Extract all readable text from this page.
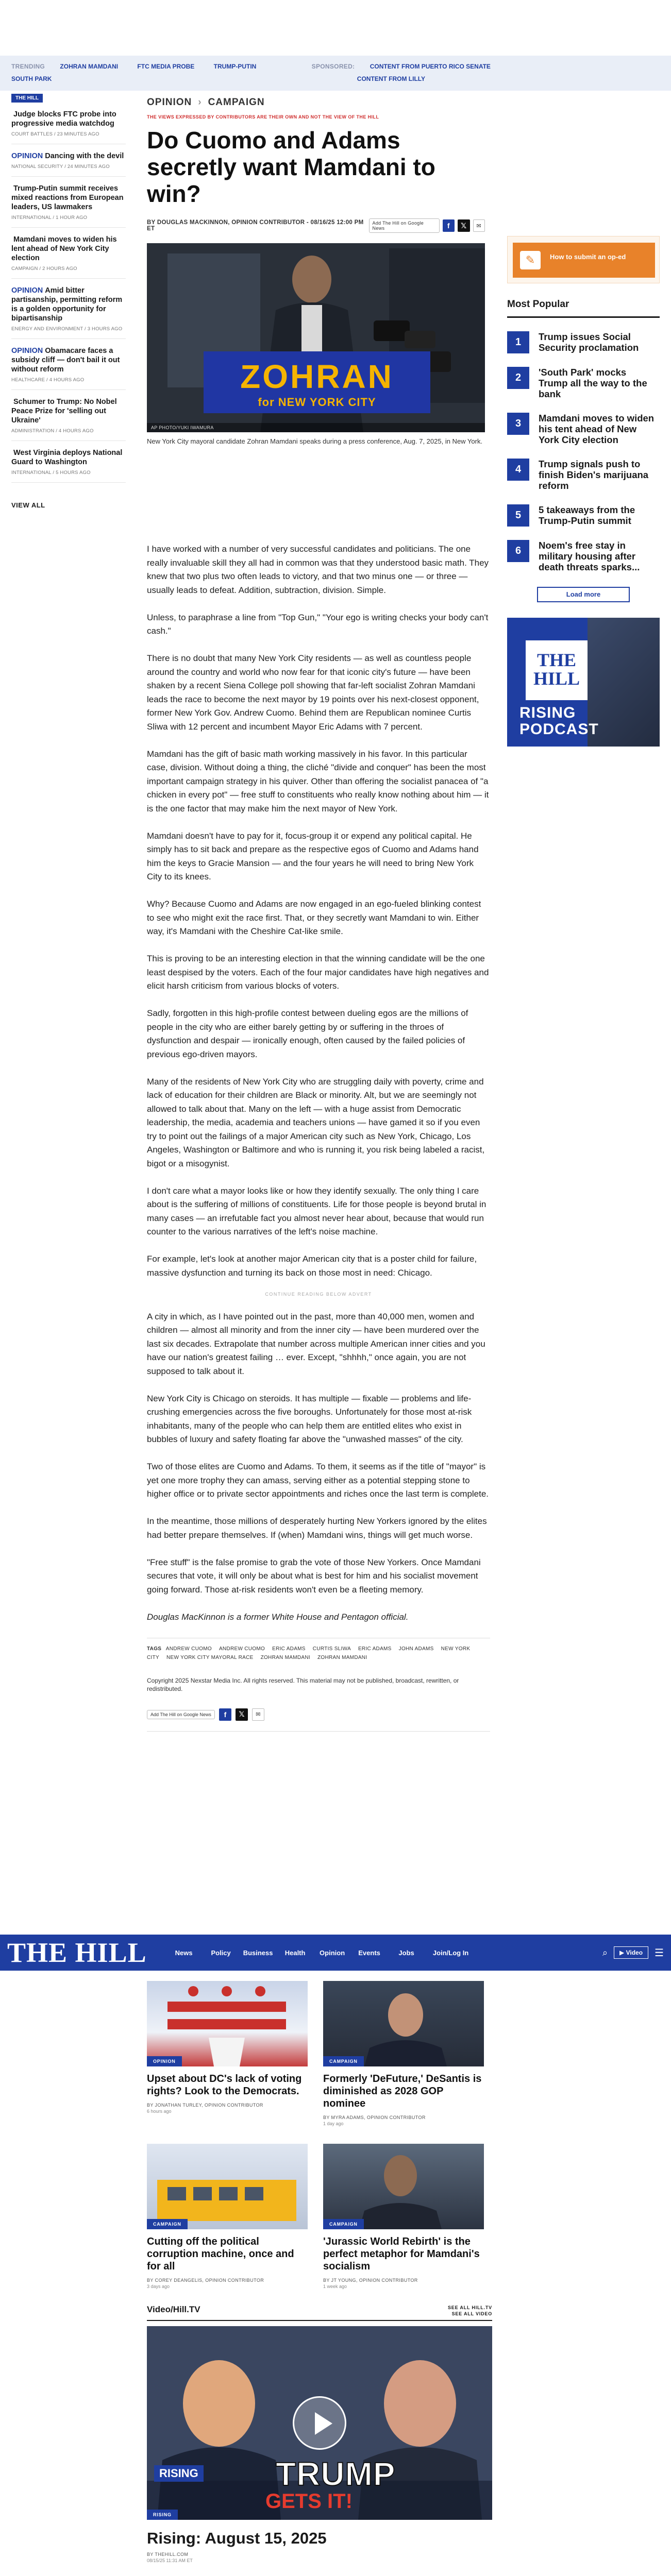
TRENDING ZOHRAN MAMDANI	FTC MEDIA PROBE	TRUMP-PUTIN	SPONSORED: CONTENT FROM PUERTO RICO SENATE
SOUTH PARK	CONTENT FROM LILLY
THE HILL
Judge blocks FTC probe into progressive media watchdog
COURT BATTLES / 23 MINUTES AGO
OPINION Dancing with the devil
NATIONAL SECURITY / 24 MINUTES AGO
Trump-Putin summit receives mixed reactions from European leaders, US lawmakers
INTERNATIONAL / 1 HOUR AGO
Mamdani moves to widen his lent ahead of New York City election
CAMPAIGN / 2 HOURS AGO
OPINION Amid bitter partisanship, permitting reform is a golden opportunity for bipartisanship
ENERGY AND ENVIRONMENT / 3 HOURS AGO
OPINION Obamacare faces a subsidy cliff — don't bail it out without reform
HEALTHCARE / 4 HOURS AGO
Schumer to Trump: No Nobel Peace Prize for 'selling out Ukraine'
ADMINISTRATION / 4 HOURS AGO
West Virginia deploys National Guard to Washington
INTERNATIONAL / 5 HOURS AGO
VIEW ALL
OPINION › CAMPAIGN
THE VIEWS EXPRESSED BY CONTRIBUTORS ARE THEIR OWN AND NOT THE VIEW OF THE HILL
Do Cuomo and Adams secretly want Mamdani to win?
BY DOUGLAS MACKINNON, OPINION CONTRIBUTOR - 08/16/25 12:00 PM ET
Add The Hill on Google News	f	𝕏	✉
ZOHRAN
for NEW YORK CITY
AP PHOTO/YUKI IWAMURA
New York City mayoral candidate Zohran Mamdani speaks during a press conference, Aug. 7, 2025, in New York.

I have worked with a number of very successful candidates and politicians. The one really invaluable skill they all had in common was that they understood basic math. They knew that two plus two often leads to victory, and that two minus one — or three — usually leads to defeat. Addition, subtraction, division. Simple.

Unless, to paraphrase a line from "Top Gun," "Your ego is writing checks your body can't cash."

There is no doubt that many New York City residents — as well as countless people around the country and world who now fear for that iconic city's future — have been shaken by a recent Siena College poll showing that far-left socialist Zohran Mamdani leads the race to become the next mayor by 19 points over his next-closest opponent, former New York Gov. Andrew Cuomo. Behind them are Republican nominee Curtis Sliwa with 12 percent and incumbent Mayor Eric Adams with 7 percent.

Mamdani has the gift of basic math working massively in his favor. In this particular case, division. Without doing a thing, the cliché "divide and conquer" has been the most important campaign strategy in his quiver. Other than offering the socialist panacea of "a chicken in every pot" — free stuff to constituents who really know nothing about him — it is the one factor that may make him the next mayor of New York.

Mamdani doesn't have to pay for it, focus-group it or expend any political capital. He simply has to sit back and prepare as the respective egos of Cuomo and Adams hand him the keys to Gracie Mansion — and the four years he will need to bring New York City to its knees.

Why? Because Cuomo and Adams are now engaged in an ego-fueled blinking contest to see who might exit the race first. That, or they secretly want Mamdani to win. Either way, it's Mamdani with the Cheshire Cat-like smile.

This is proving to be an interesting election in that the winning candidate will be the one least despised by the voters. Each of the four major candidates have high negatives and elicit harsh criticism from various blocks of voters.

Sadly, forgotten in this high-profile contest between dueling egos are the millions of people in the city who are either barely getting by or suffering in the throes of dysfunction and despair — ironically enough, often caused by the failed policies of previous ego-driven mayors.

Many of the residents of New York City who are struggling daily with poverty, crime and lack of education for their children are Black or minority. Alt, but we are seemingly not allowed to talk about that. Many on the left — with a huge assist from Democratic leadership, the media, academia and teachers unions — have gamed it so if you even try to point out the failings of a major American city such as New York, Chicago, Los Angeles, Washington or Baltimore and who is running it, you risk being labeled a racist, bigot or a misogynist.

I don't care what a mayor looks like or how they identify sexually. The only thing I care about is the suffering of millions of constituents. Life for those people is beyond brutal in many cases — an irrefutable fact you almost never hear about, because that would run counter to the various narratives of the left's noise machine.

For example, let's look at another major American city that is a poster child for failure, massive dysfunction and turning its back on those most in need: Chicago.

CONTINUE READING BELOW ADVERT

A city in which, as I have pointed out in the past, more than 40,000 men, women and children — almost all minority and from the inner city — have been murdered over the last six decades. Extrapolate that number across multiple American inner cities and you have our nation's greatest failing … ever. Except, "shhhh," once again, you are not supposed to talk about it.

New York City is Chicago on steroids. It has multiple — fixable — problems and life-crushing emergencies across the five boroughs. Unfortunately for those most at-risk inhabitants, many of the people who can help them are entitled elites who exist in bubbles of luxury and safety floating far above the "unwashed masses" of the city.

Two of those elites are Cuomo and Adams. To them, it seems as if the title of "mayor" is yet one more trophy they can amass, serving either as a potential stepping stone to higher office or to private sector appointments and riches once the last term is complete.

In the meantime, those millions of desperately hurting New Yorkers ignored by the elites had better prepare themselves. If (when) Mamdani wins, things will get much worse.

"Free stuff" is the false promise to grab the vote of those New Yorkers. Once Mamdani secures that vote, it will only be about what is best for him and his socialist movement going forward. Those at-risk residents won't even be a fleeting memory.

Douglas MacKinnon is a former White House and Pentagon official.

TAGS ANDREW CUOMO ANDREW CUOMO ERIC ADAMS CURTIS SLIWA ERIC ADAMS JOHN ADAMS NEW YORK CITY NEW YORK CITY MAYORAL RACE ZOHRAN MAMDANI ZOHRAN MAMDANI
Copyright 2025 Nexstar Media Inc. All rights reserved. This material may not be published, broadcast, rewritten, or redistributed.
Add The Hill on Google News	f	𝕏	✉
✎	How to submit an op-ed
Most Popular
1	Trump issues Social Security proclamation
2	'South Park' mocks Trump all the way to the bank
3	Mamdani moves to widen his tent ahead of New York City election
4	Trump signals push to finish Biden's marijuana reform
5	5 takeaways from the Trump-Putin summit
6	Noem's free stay in military housing after death threats sparks...
Load more
THE HILL
RISING
PODCAST
THE HILL	News	Policy	Business	Health	Opinion	Events	Jobs	Join/Log In	⌕	▶ Video	☰
OPINION
Upset about DC's lack of voting rights? Look to the Democrats.
BY JONATHAN TURLEY, OPINION CONTRIBUTOR
6 hours ago
CAMPAIGN
Formerly 'DeFuture,' DeSantis is diminished as 2028 GOP nominee
BY MYRA ADAMS, OPINION CONTRIBUTOR
1 day ago
CAMPAIGN
Cutting off the political corruption machine, once and for all
BY COREY DEANGELIS, OPINION CONTRIBUTOR
3 days ago
CAMPAIGN
'Jurassic World Rebirth' is the perfect metaphor for Mamdani's socialism
BY JT YOUNG, OPINION CONTRIBUTOR
1 week ago
Video/Hill.TV	SEE ALL HILL.TV
SEE ALL VIDEO
RISING TRUMP
GETS IT!
RISING
Rising: August 15, 2025
BY THEHILL.COM
08/15/25 11:31 AM ET
